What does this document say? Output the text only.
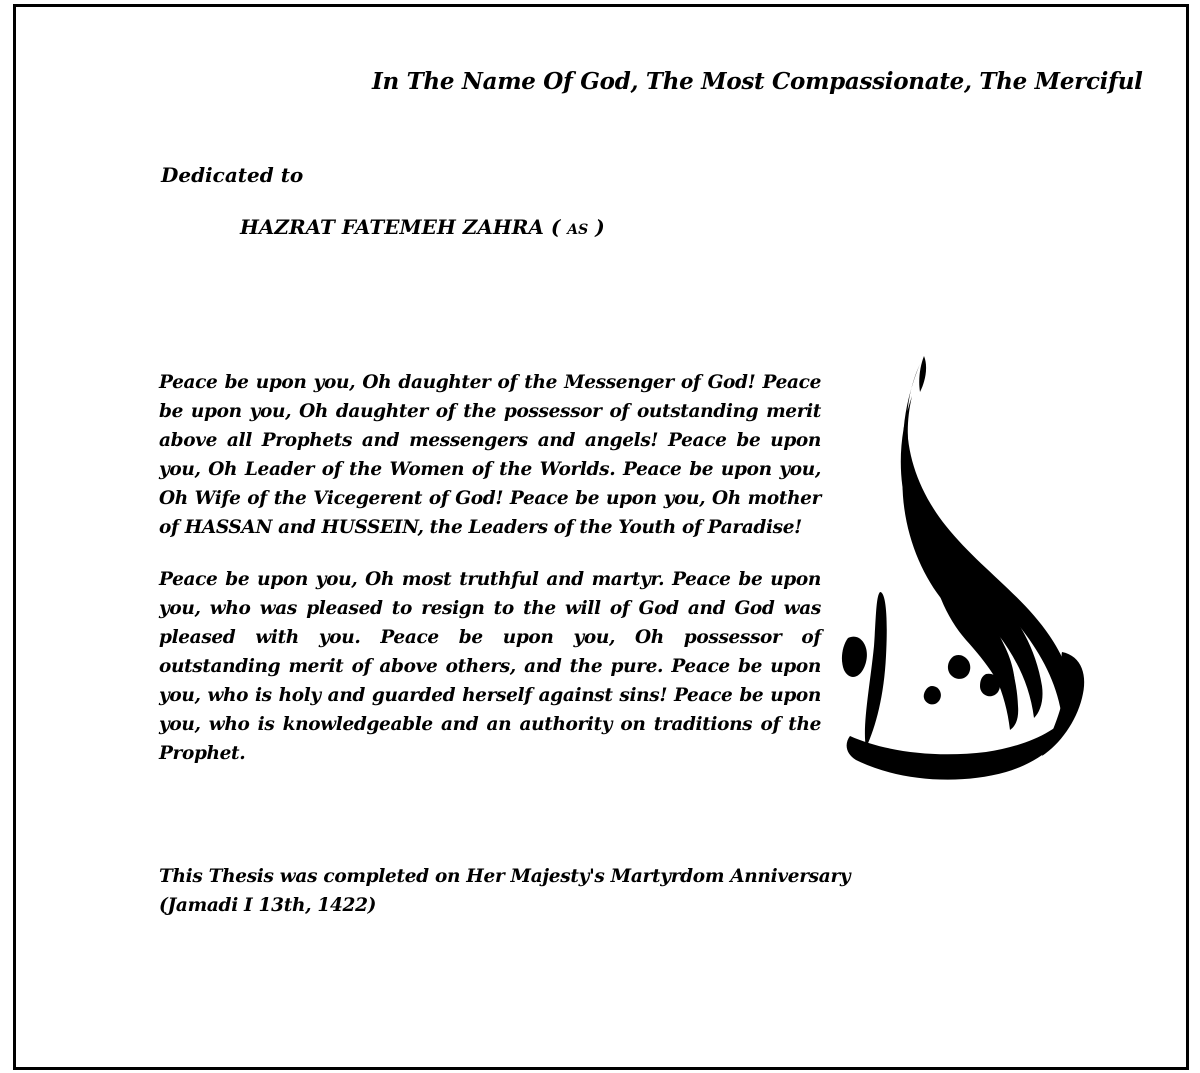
In The Name Of God, The Most Compassionate, The Merciful
Dedicated to
HAZRAT FATEMEH ZAHRA ( as )

Peace be upon you, Oh daughter of the Messenger of God! Peace be upon you, Oh daughter of the possessor of outstanding merit above all Prophets and messengers and angels! Peace be upon you, Oh Leader of the Women of the Worlds. Peace be upon you, Oh Wife of the Vicegerent of God! Peace be upon you, Oh mother of HASSAN and HUSSEIN, the Leaders of the Youth of Paradise!

Peace be upon you, Oh most truthful and martyr. Peace be upon you, who was pleased to resign to the will of God and God was pleased with you. Peace be upon you, Oh possessor of outstanding merit of above others, and the pure. Peace be upon you, who is holy and guarded herself against sins! Peace be upon you, who is knowledgeable and an authority on traditions of the Prophet.

This Thesis was completed on Her Majesty's Martyrdom Anniversary
(Jamadi I 13th, 1422)
